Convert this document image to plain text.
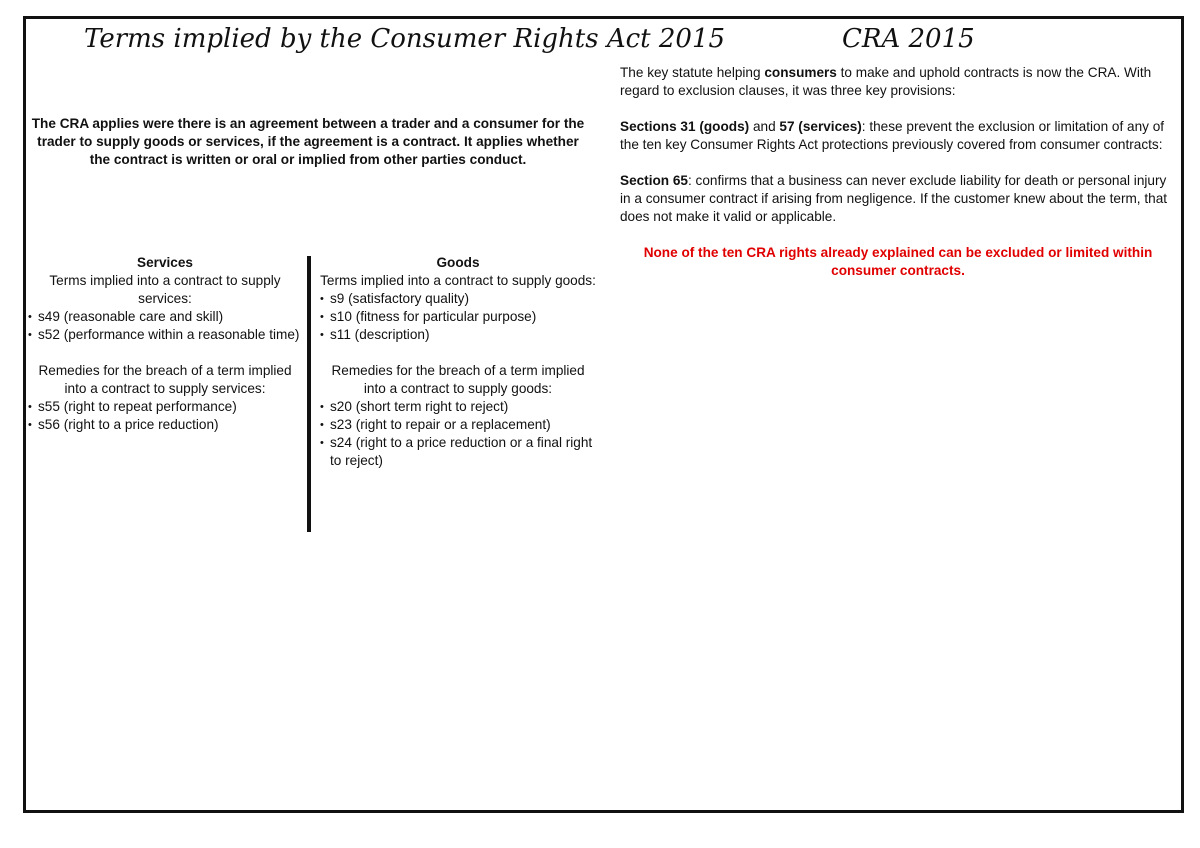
Terms implied by the Consumer Rights Act 2015	CRA 2015
The CRA applies were there is an agreement between a trader and a consumer for the trader to supply goods or services, if the agreement is a contract. It applies whether the contract is written or oral or implied from other parties conduct.
Services
Terms implied into a contract to supply services:
• s49 (reasonable care and skill)
• s52 (performance within a reasonable time)
Remedies for the breach of a term implied into a contract to supply services:
• s55 (right to repeat performance)
• s56 (right to a price reduction)
Goods
Terms implied into a contract to supply goods:
• s9 (satisfactory quality)
• s10 (fitness for particular purpose)
• s11 (description)
Remedies for the breach of a term implied into a contract to supply goods:
• s20 (short term right to reject)
• s23 (right to repair or a replacement)
• s24 (right to a price reduction or a final right to reject)

The key statute helping consumers to make and uphold contracts is now the CRA. With regard to exclusion clauses, it was three key provisions:

Sections 31 (goods) and 57 (services): these prevent the exclusion or limitation of any of the ten key Consumer Rights Act protections previously covered from consumer contracts:

Section 65: confirms that a business can never exclude liability for death or personal injury in a consumer contract if arising from negligence. If the customer knew about the term, that does not make it valid or applicable.

None of the ten CRA rights already explained can be excluded or limited within consumer contracts.
